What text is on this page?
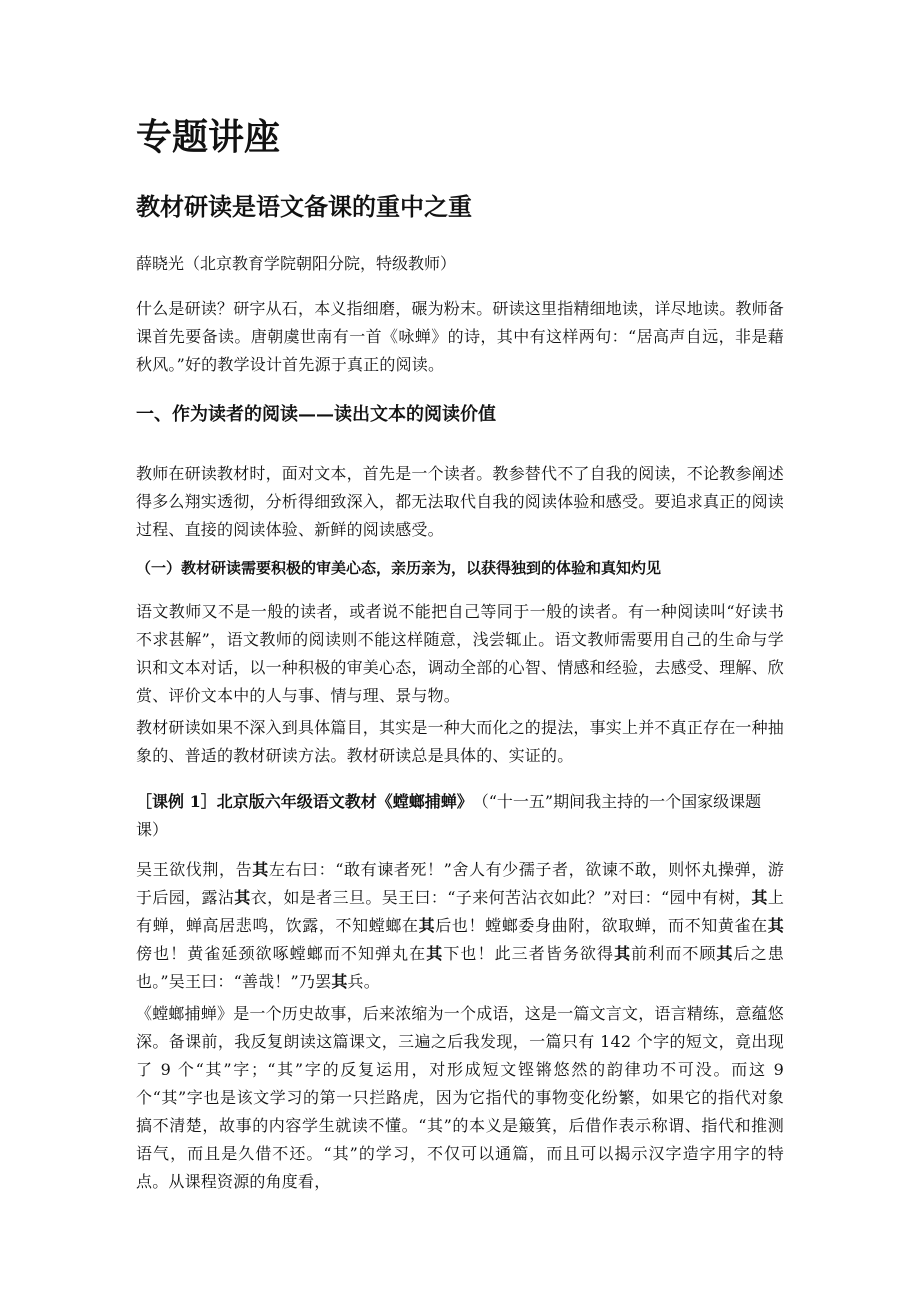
专题讲座
教材研读是语文备课的重中之重

薛晓光（北京教育学院朝阳分院，特级教师）

什么是研读？研字从石，本义指细磨，碾为粉末。研读这里指精细地读，详尽地读。教师备课首先要备读。唐朝虞世南有一首《咏蝉》的诗，其中有这样两句：“居高声自远，非是藉秋风。”好的教学设计首先源于真正的阅读。

一、作为读者的阅读——读出文本的阅读价值

教师在研读教材时，面对文本，首先是一个读者。教参替代不了自我的阅读，不论教参阐述得多么翔实透彻，分析得细致深入，都无法取代自我的阅读体验和感受。要追求真正的阅读过程、直接的阅读体验、新鲜的阅读感受。

（一）教材研读需要积极的审美心态，亲历亲为，以获得独到的体验和真知灼见

语文教师又不是一般的读者，或者说不能把自己等同于一般的读者。有一种阅读叫“好读书不求甚解”，语文教师的阅读则不能这样随意，浅尝辄止。语文教师需要用自己的生命与学识和文本对话，以一种积极的审美心态，调动全部的心智、情感和经验，去感受、理解、欣赏、评价文本中的人与事、情与理、景与物。

教材研读如果不深入到具体篇目，其实是一种大而化之的提法，事实上并不真正存在一种抽象的、普适的教材研读方法。教材研读总是具体的、实证的。

［课例 1］北京版六年级语文教材《螳螂捕蝉》　 （“十一五”期间我主持的一个国家级课题课）

吴王欲伐荆，告其左右曰：“敢有谏者死！”舍人有少孺子者，欲谏不敢，则怀丸操弹，游于后园，露沾其衣，如是者三旦。吴王曰：“子来何苦沾衣如此？”对曰：“园中有树，其上有蝉，蝉高居悲鸣，饮露，不知螳螂在其后也！螳螂委身曲附，欲取蝉，而不知黄雀在其傍也！黄雀延颈欲啄螳螂而不知弹丸在其下也！此三者皆务欲得其前利而不顾其后之患也。”吴王曰：“善哉！”乃罢其兵。

《螳螂捕蝉》是一个历史故事，后来浓缩为一个成语，这是一篇文言文，语言精练，意蕴悠深。备课前，我反复朗读这篇课文，三遍之后我发现，一篇只有 142 个字的短文，竟出现了 9 个“其”字；“其”字的反复运用，对形成短文铿锵悠然的韵律功不可没。而这 9 个“其”字也是该文学习的第一只拦路虎，因为它指代的事物变化纷繁，如果它的指代对象搞不清楚，故事的内容学生就读不懂。“其”的本义是簸箕，后借作表示称谓、指代和推测语气，而且是久借不还。“其”的学习，不仅可以通篇，而且可以揭示汉字造字用字的特点。从课程资源的角度看，
